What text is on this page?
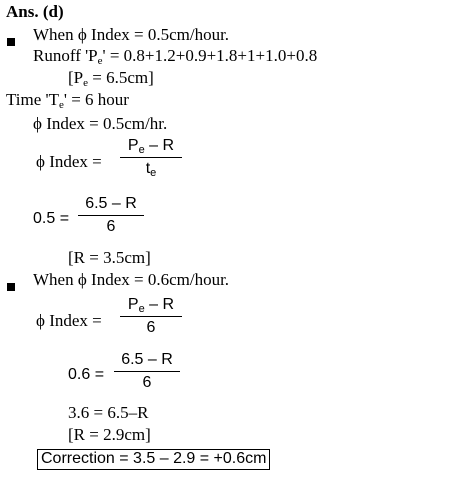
Ans. (d)
When ϕ Index = 0.5cm/hour.
Runoff '$P_e' = 0.8+1.2+0.9+1.8+1+1.0+0.8$
$[P_e = 6.5cm]$
Time '$T_e' = 6$ hour
ϕ Index = 0.5cm/hr.
ϕ Index =
$P_e$ – R
$t_e$
0.5 =
6.5 – R
6
[R = 3.5cm]
When ϕ Index = 0.6cm/hour.
ϕ Index =
$P_e$ – R
6
0.6 =
6.5 – R
6
3.6 = 6.5–R
[R = 2.9cm]
Correction = 3.5 – 2.9 = +0.6cm
